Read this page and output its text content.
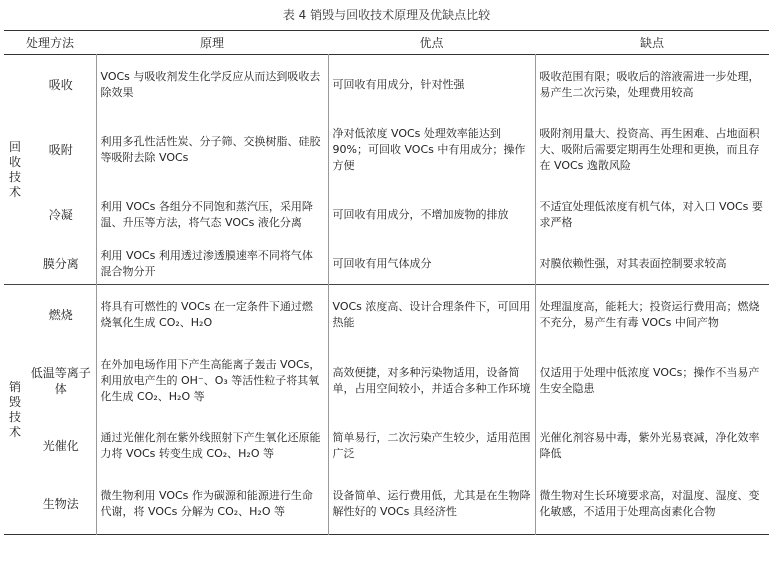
表 4 销毁与回收技术原理及优缺点比较
处理方法		原理	优点	缺点
回收技术	吸收	VOCs 与吸收剂发生化学反应从而达到吸收去除效果	可回收有用成分，针对性强	吸收范围有限；吸收后的溶液需进一步处理，易产生二次污染，处理费用较高
	吸附	利用多孔性活性炭、分子筛、交换树脂、硅胶等吸附去除 VOCs	净对低浓度 VOCs 处理效率能达到 90%；可回收 VOCs 中有用成分；操作方便	吸附剂用量大、投资高、再生困难、占地面积大、吸附后需要定期再生处理和更换，而且存在 VOCs 逸散风险
	冷凝	利用 VOCs 各组分不同饱和蒸汽压，采用降温、升压等方法，将气态 VOCs 液化分离	可回收有用成分，不增加废物的排放	不适宜处理低浓度有机气体，对入口 VOCs 要求严格
	膜分离	利用 VOCs 利用透过渗透膜速率不同将气体混合物分开	可回收有用气体成分	对膜依赖性强，对其表面控制要求较高
销毁技术	燃烧	将具有可燃性的 VOCs 在一定条件下通过燃烧氧化生成 CO₂、H₂O	VOCs 浓度高、设计合理条件下，可回用热能	处理温度高，能耗大；投资运行费用高；燃烧不充分，易产生有毒 VOCs 中间产物
	低温等离子体	在外加电场作用下产生高能离子轰击 VOCs，利用放电产生的 OH⁻、O₃ 等活性粒子将其氧化生成 CO₂、H₂O 等	高效便捷，对多种污染物适用，设备简单，占用空间较小，并适合多种工作环境	仅适用于处理中低浓度 VOCs；操作不当易产生安全隐患
	光催化	通过光催化剂在紫外线照射下产生氧化还原能力将 VOCs 转变生成 CO₂、H₂O 等	简单易行，二次污染产生较少，适用范围广泛	光催化剂容易中毒，紫外光易衰减，净化效率降低
	生物法	微生物利用 VOCs 作为碳源和能源进行生命代谢，将 VOCs 分解为 CO₂、H₂O 等	设备简单、运行费用低，尤其是在生物降解性好的 VOCs 具经济性	微生物对生长环境要求高，对温度、湿度、变化敏感，不适用于处理高卤素化合物
